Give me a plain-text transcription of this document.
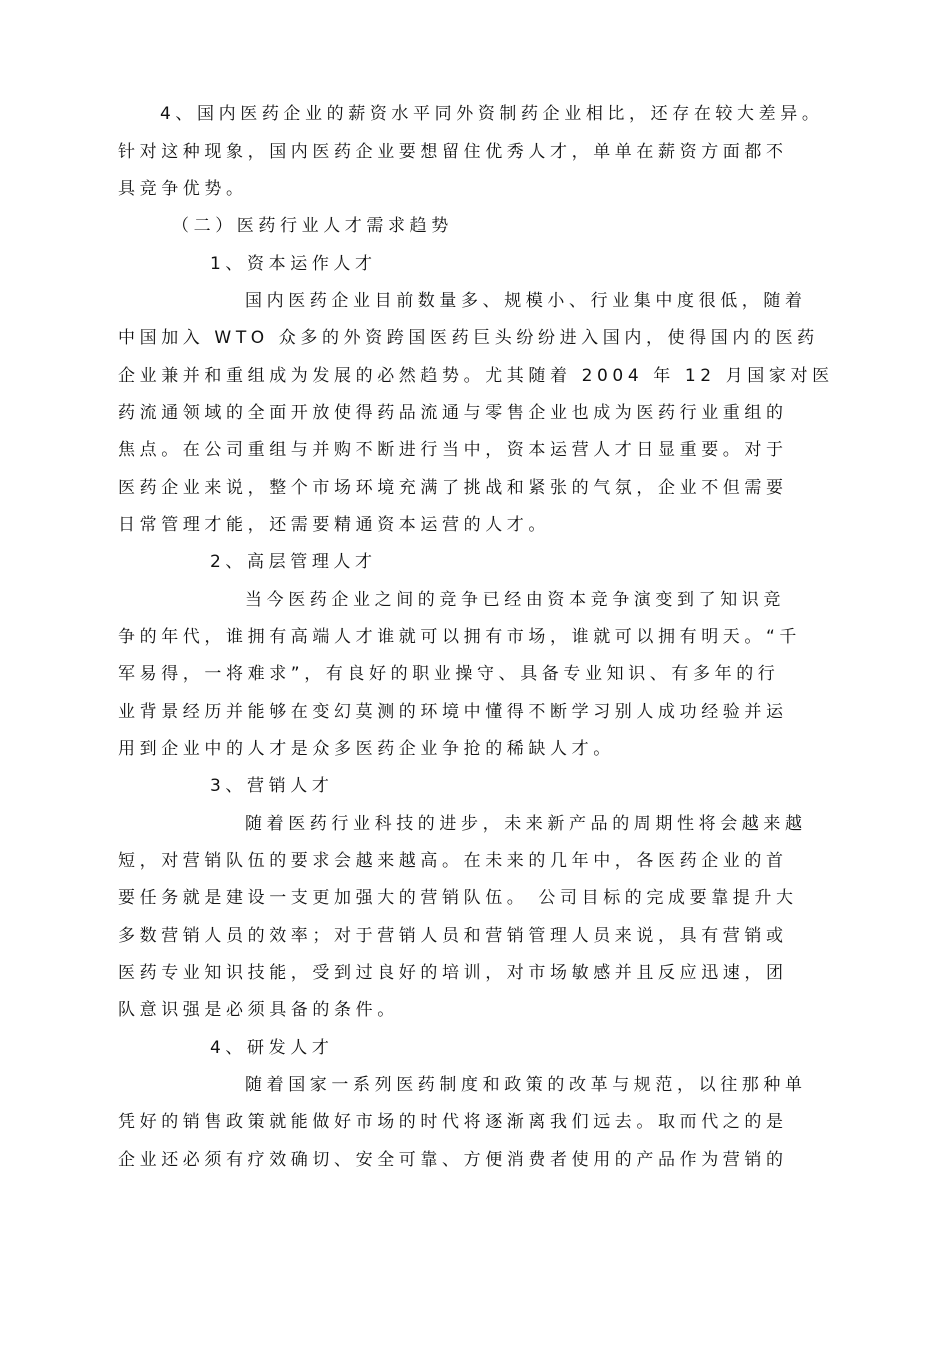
4、国内医药企业的薪资水平同外资制药企业相比，还存在较大差异。
针对这种现象，国内医药企业要想留住优秀人才，单单在薪资方面都不
具竞争优势。
（二）医药行业人才需求趋势
1、资本运作人才
国内医药企业目前数量多、规模小、行业集中度很低，随着
中国加入 WTO 众多的外资跨国医药巨头纷纷进入国内，使得国内的医药
企业兼并和重组成为发展的必然趋势。尤其随着 2004 年 12 月国家对医
药流通领域的全面开放使得药品流通与零售企业也成为医药行业重组的
焦点。在公司重组与并购不断进行当中，资本运营人才日显重要。对于
医药企业来说，整个市场环境充满了挑战和紧张的气氛，企业不但需要
日常管理才能，还需要精通资本运营的人才。
2、高层管理人才
当今医药企业之间的竞争已经由资本竞争演变到了知识竞
争的年代，谁拥有高端人才谁就可以拥有市场，谁就可以拥有明天。“千
军易得，一将难求”，有良好的职业操守、具备专业知识、有多年的行
业背景经历并能够在变幻莫测的环境中懂得不断学习别人成功经验并运
用到企业中的人才是众多医药企业争抢的稀缺人才。
3、营销人才
随着医药行业科技的进步，未来新产品的周期性将会越来越
短，对营销队伍的要求会越来越高。在未来的几年中，各医药企业的首
要任务就是建设一支更加强大的营销队伍。 公司目标的完成要靠提升大
多数营销人员的效率；对于营销人员和营销管理人员来说，具有营销或
医药专业知识技能，受到过良好的培训，对市场敏感并且反应迅速，团
队意识强是必须具备的条件。
4、研发人才
随着国家一系列医药制度和政策的改革与规范，以往那种单
凭好的销售政策就能做好市场的时代将逐渐离我们远去。取而代之的是
企业还必须有疗效确切、安全可靠、方便消费者使用的产品作为营销的
